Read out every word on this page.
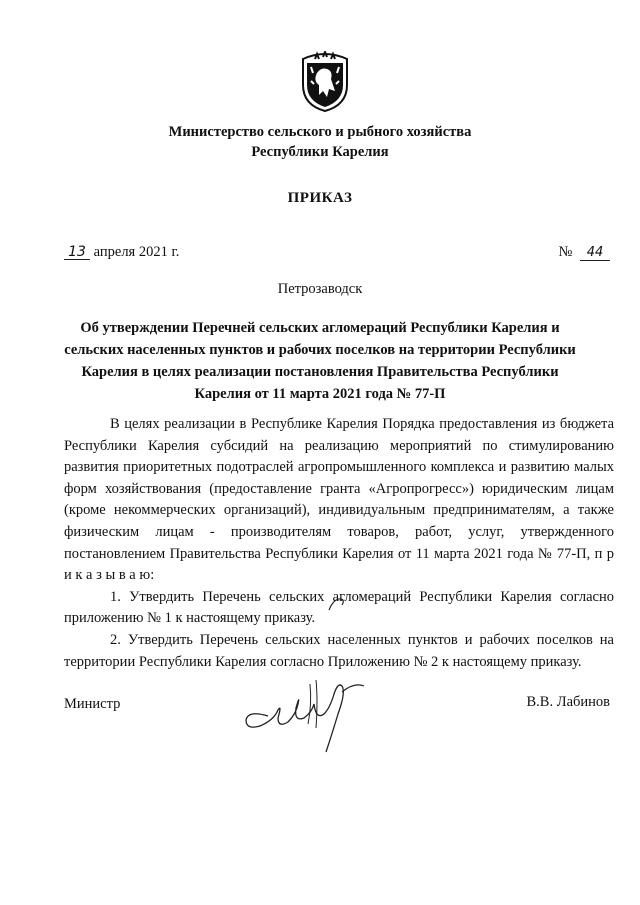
Министерство сельского и рыбного хозяйства
Республики Карелия
ПРИКАЗ
13 апреля 2021 г.	№ 44
Петрозаводск
Об утверждении Перечней сельских агломераций Республики Карелия и
сельских населенных пунктов и рабочих поселков на территории Республики
Карелия в целях реализации постановления Правительства Республики
Карелия от 11 марта 2021 года № 77-П

В целях реализации в Республике Карелия Порядка предоставления из бюджета Республики Карелия субсидий на реализацию мероприятий по стимулированию развития приоритетных подотраслей агропромышленного комплекса и развитию малых форм хозяйствования (предоставление гранта «Агропрогресс») юридическим лицам (кроме некоммерческих организаций), индивидуальным предпринимателям, а также физическим лицам - производителям товаров, работ, услуг, утвержденного постановлением Правительства Республики Карелия от 11 марта 2021 года № 77-П, п р и к а з ы в а ю:

1. Утвердить Перечень сельских агломераций Республики Карелия согласно приложению № 1 к настоящему приказу.

2. Утвердить Перечень сельских населенных пунктов и рабочих поселков на территории Республики Карелия согласно Приложению № 2 к настоящему приказу.

Министр	В.В. Лабинов
